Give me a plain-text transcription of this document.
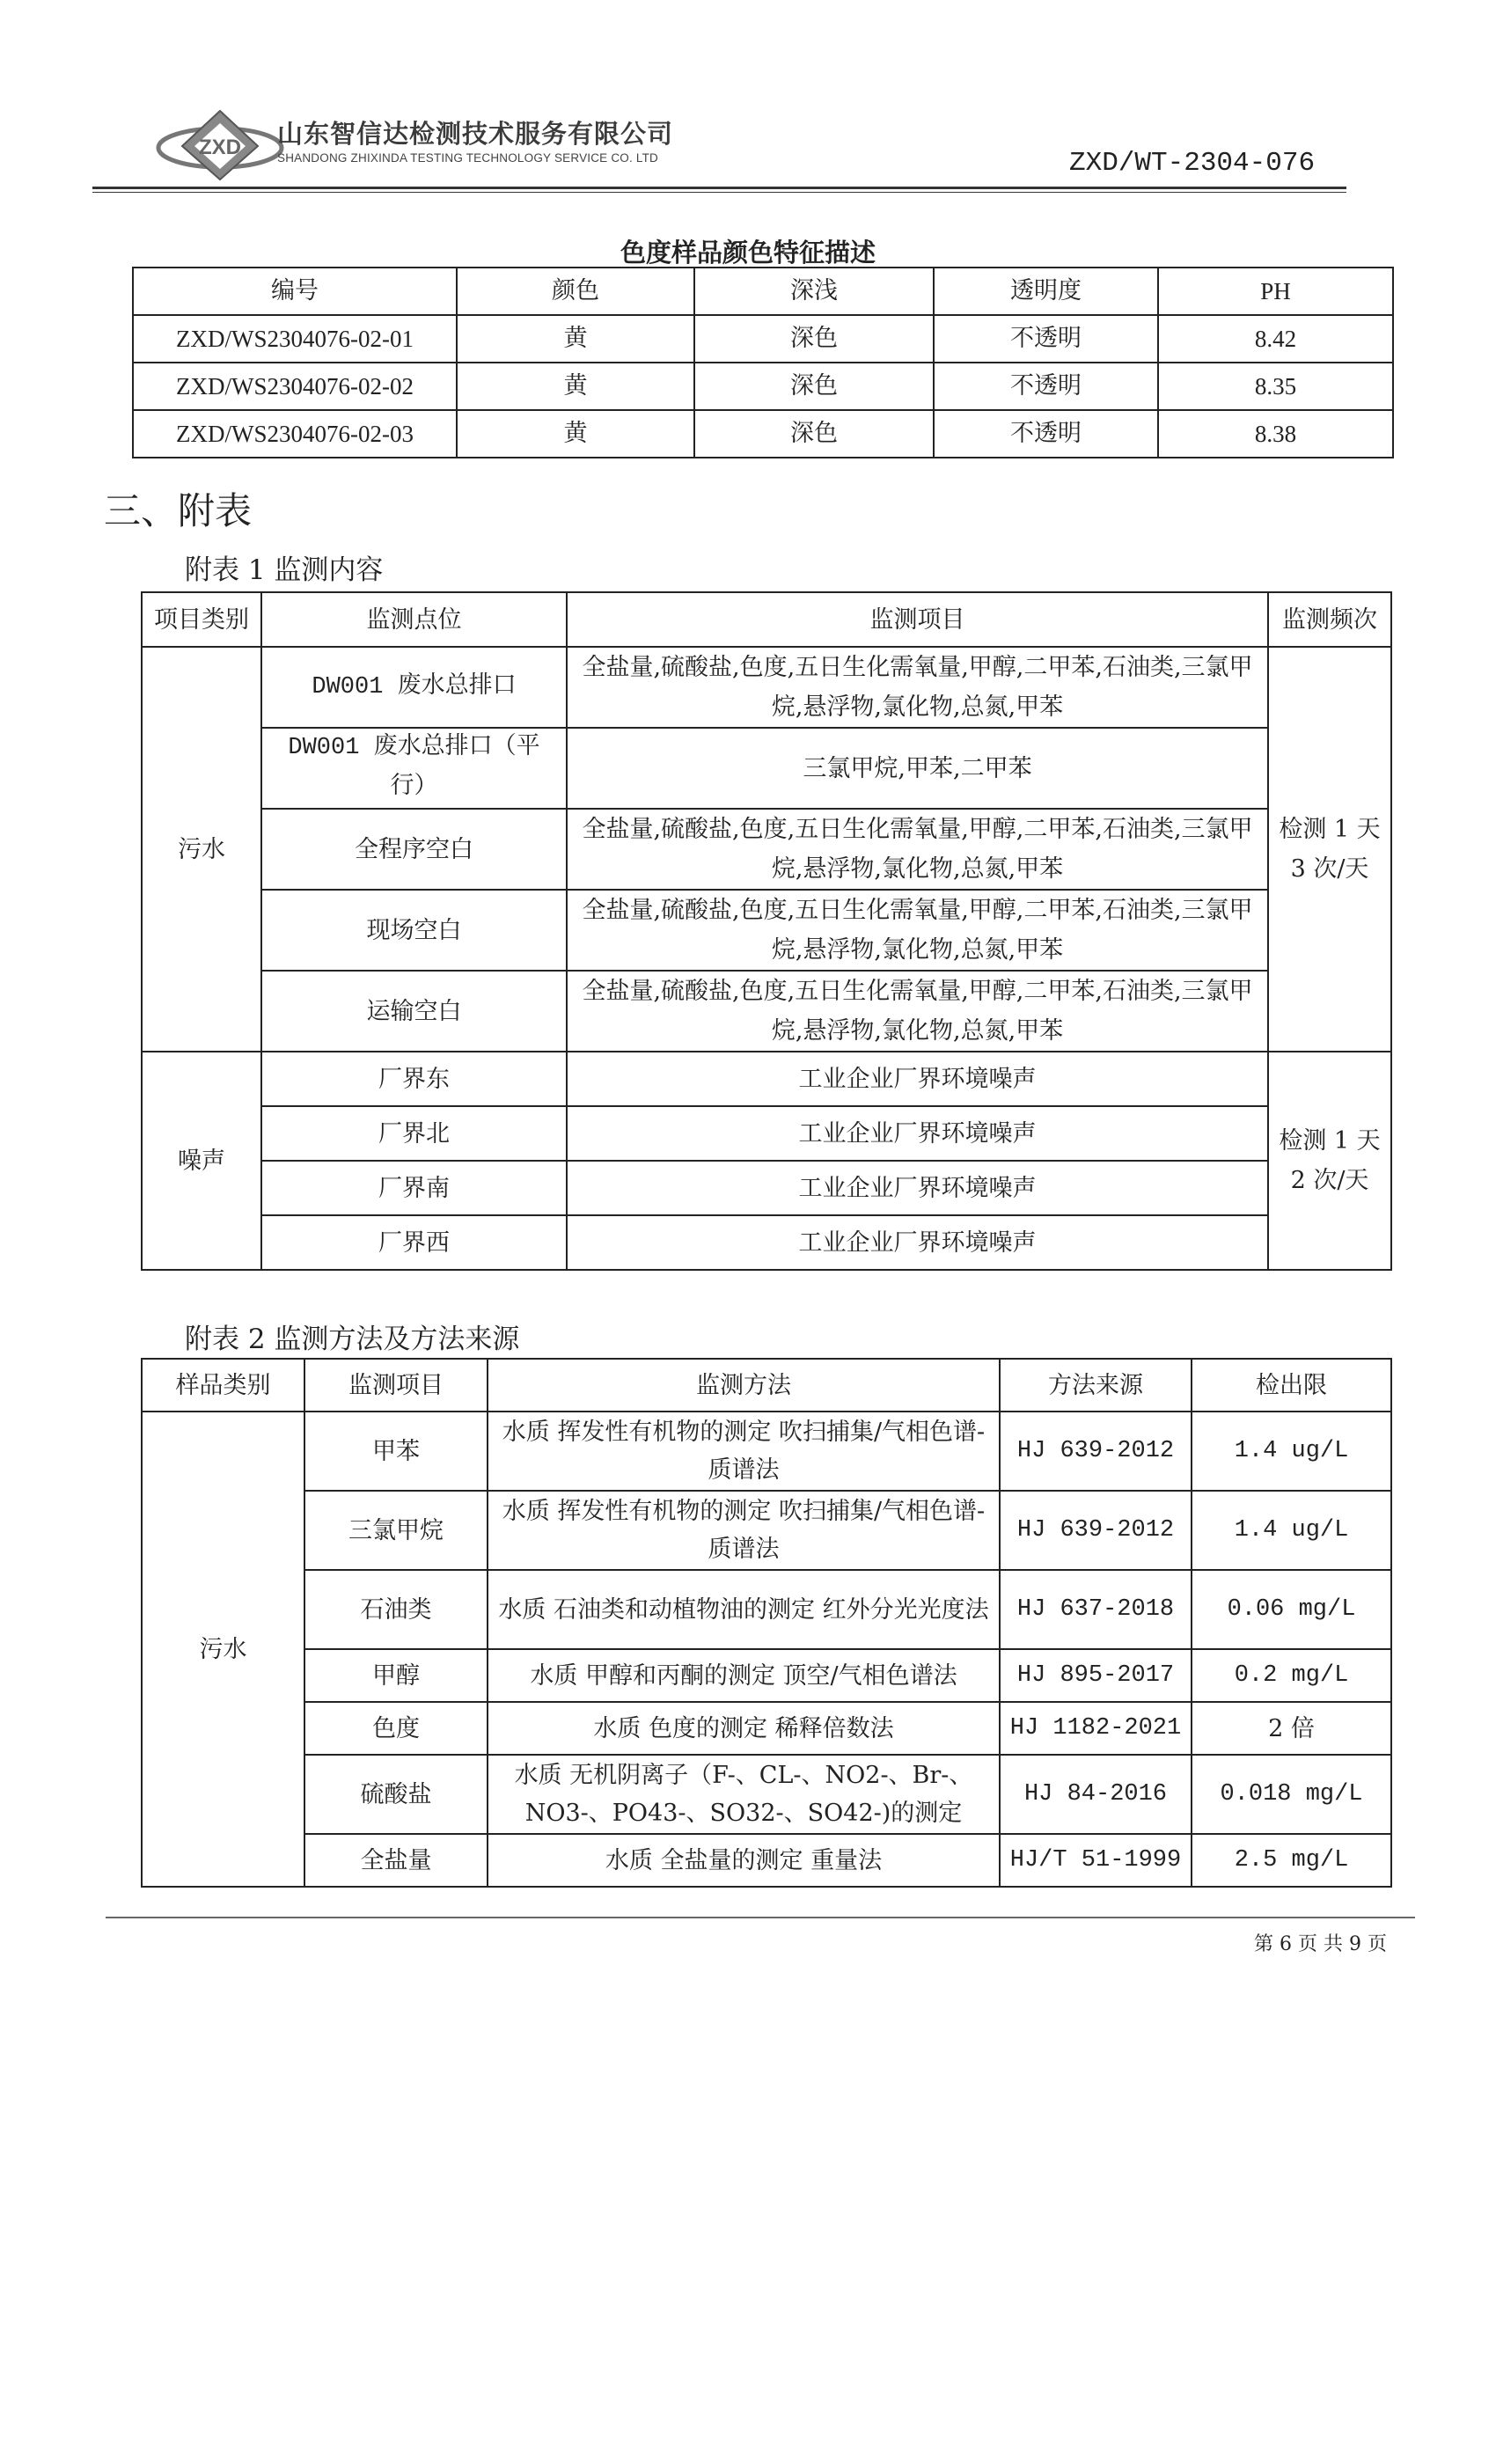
ZXD 山东智信达检测技术服务有限公司
SHANDONG ZHIXINDA TESTING TECHNOLOGY SERVICE CO. LTD	ZXD/WT-2304-076
色度样品颜色特征描述
编号	颜色	深浅	透明度	PH
ZXD/WS2304076-02-01	黄	深色	不透明	8.42
ZXD/WS2304076-02-02	黄	深色	不透明	8.35
ZXD/WS2304076-02-03	黄	深色	不透明	8.38
三、附表
附表 1 监测内容
项目类别	监测点位	监测项目	监测频次
污水	DW001 废水总排口	全盐量,硫酸盐,色度,五日生化需氧量,甲醇,二甲苯,石油类,三氯甲烷,悬浮物,氯化物,总氮,甲苯	检测 1 天 3 次/天
	DW001 废水总排口（平行）	三氯甲烷,甲苯,二甲苯	
	全程序空白	全盐量,硫酸盐,色度,五日生化需氧量,甲醇,二甲苯,石油类,三氯甲烷,悬浮物,氯化物,总氮,甲苯	
	现场空白	全盐量,硫酸盐,色度,五日生化需氧量,甲醇,二甲苯,石油类,三氯甲烷,悬浮物,氯化物,总氮,甲苯	
	运输空白	全盐量,硫酸盐,色度,五日生化需氧量,甲醇,二甲苯,石油类,三氯甲烷,悬浮物,氯化物,总氮,甲苯	
噪声	厂界东	工业企业厂界环境噪声	检测 1 天 2 次/天
	厂界北	工业企业厂界环境噪声	
	厂界南	工业企业厂界环境噪声	
	厂界西	工业企业厂界环境噪声	
附表 2 监测方法及方法来源
样品类别	监测项目	监测方法	方法来源	检出限
污水	甲苯	水质 挥发性有机物的测定 吹扫捕集/气相色谱-质谱法	HJ 639-2012	1.4 ug/L
	三氯甲烷	水质 挥发性有机物的测定 吹扫捕集/气相色谱-质谱法	HJ 639-2012	1.4 ug/L
	石油类	水质 石油类和动植物油的测定 红外分光光度法	HJ 637-2018	0.06 mg/L
	甲醇	水质 甲醇和丙酮的测定 顶空/气相色谱法	HJ 895-2017	0.2 mg/L
	色度	水质 色度的测定 稀释倍数法	HJ 1182-2021	2 倍
	硫酸盐	水质 无机阴离子（F-、CL-、NO2-、Br-、NO3-、PO43-、SO32-、SO42-)的测定	HJ 84-2016	0.018 mg/L
	全盐量	水质 全盐量的测定 重量法	HJ/T 51-1999	2.5 mg/L
第 6 页 共 9 页
